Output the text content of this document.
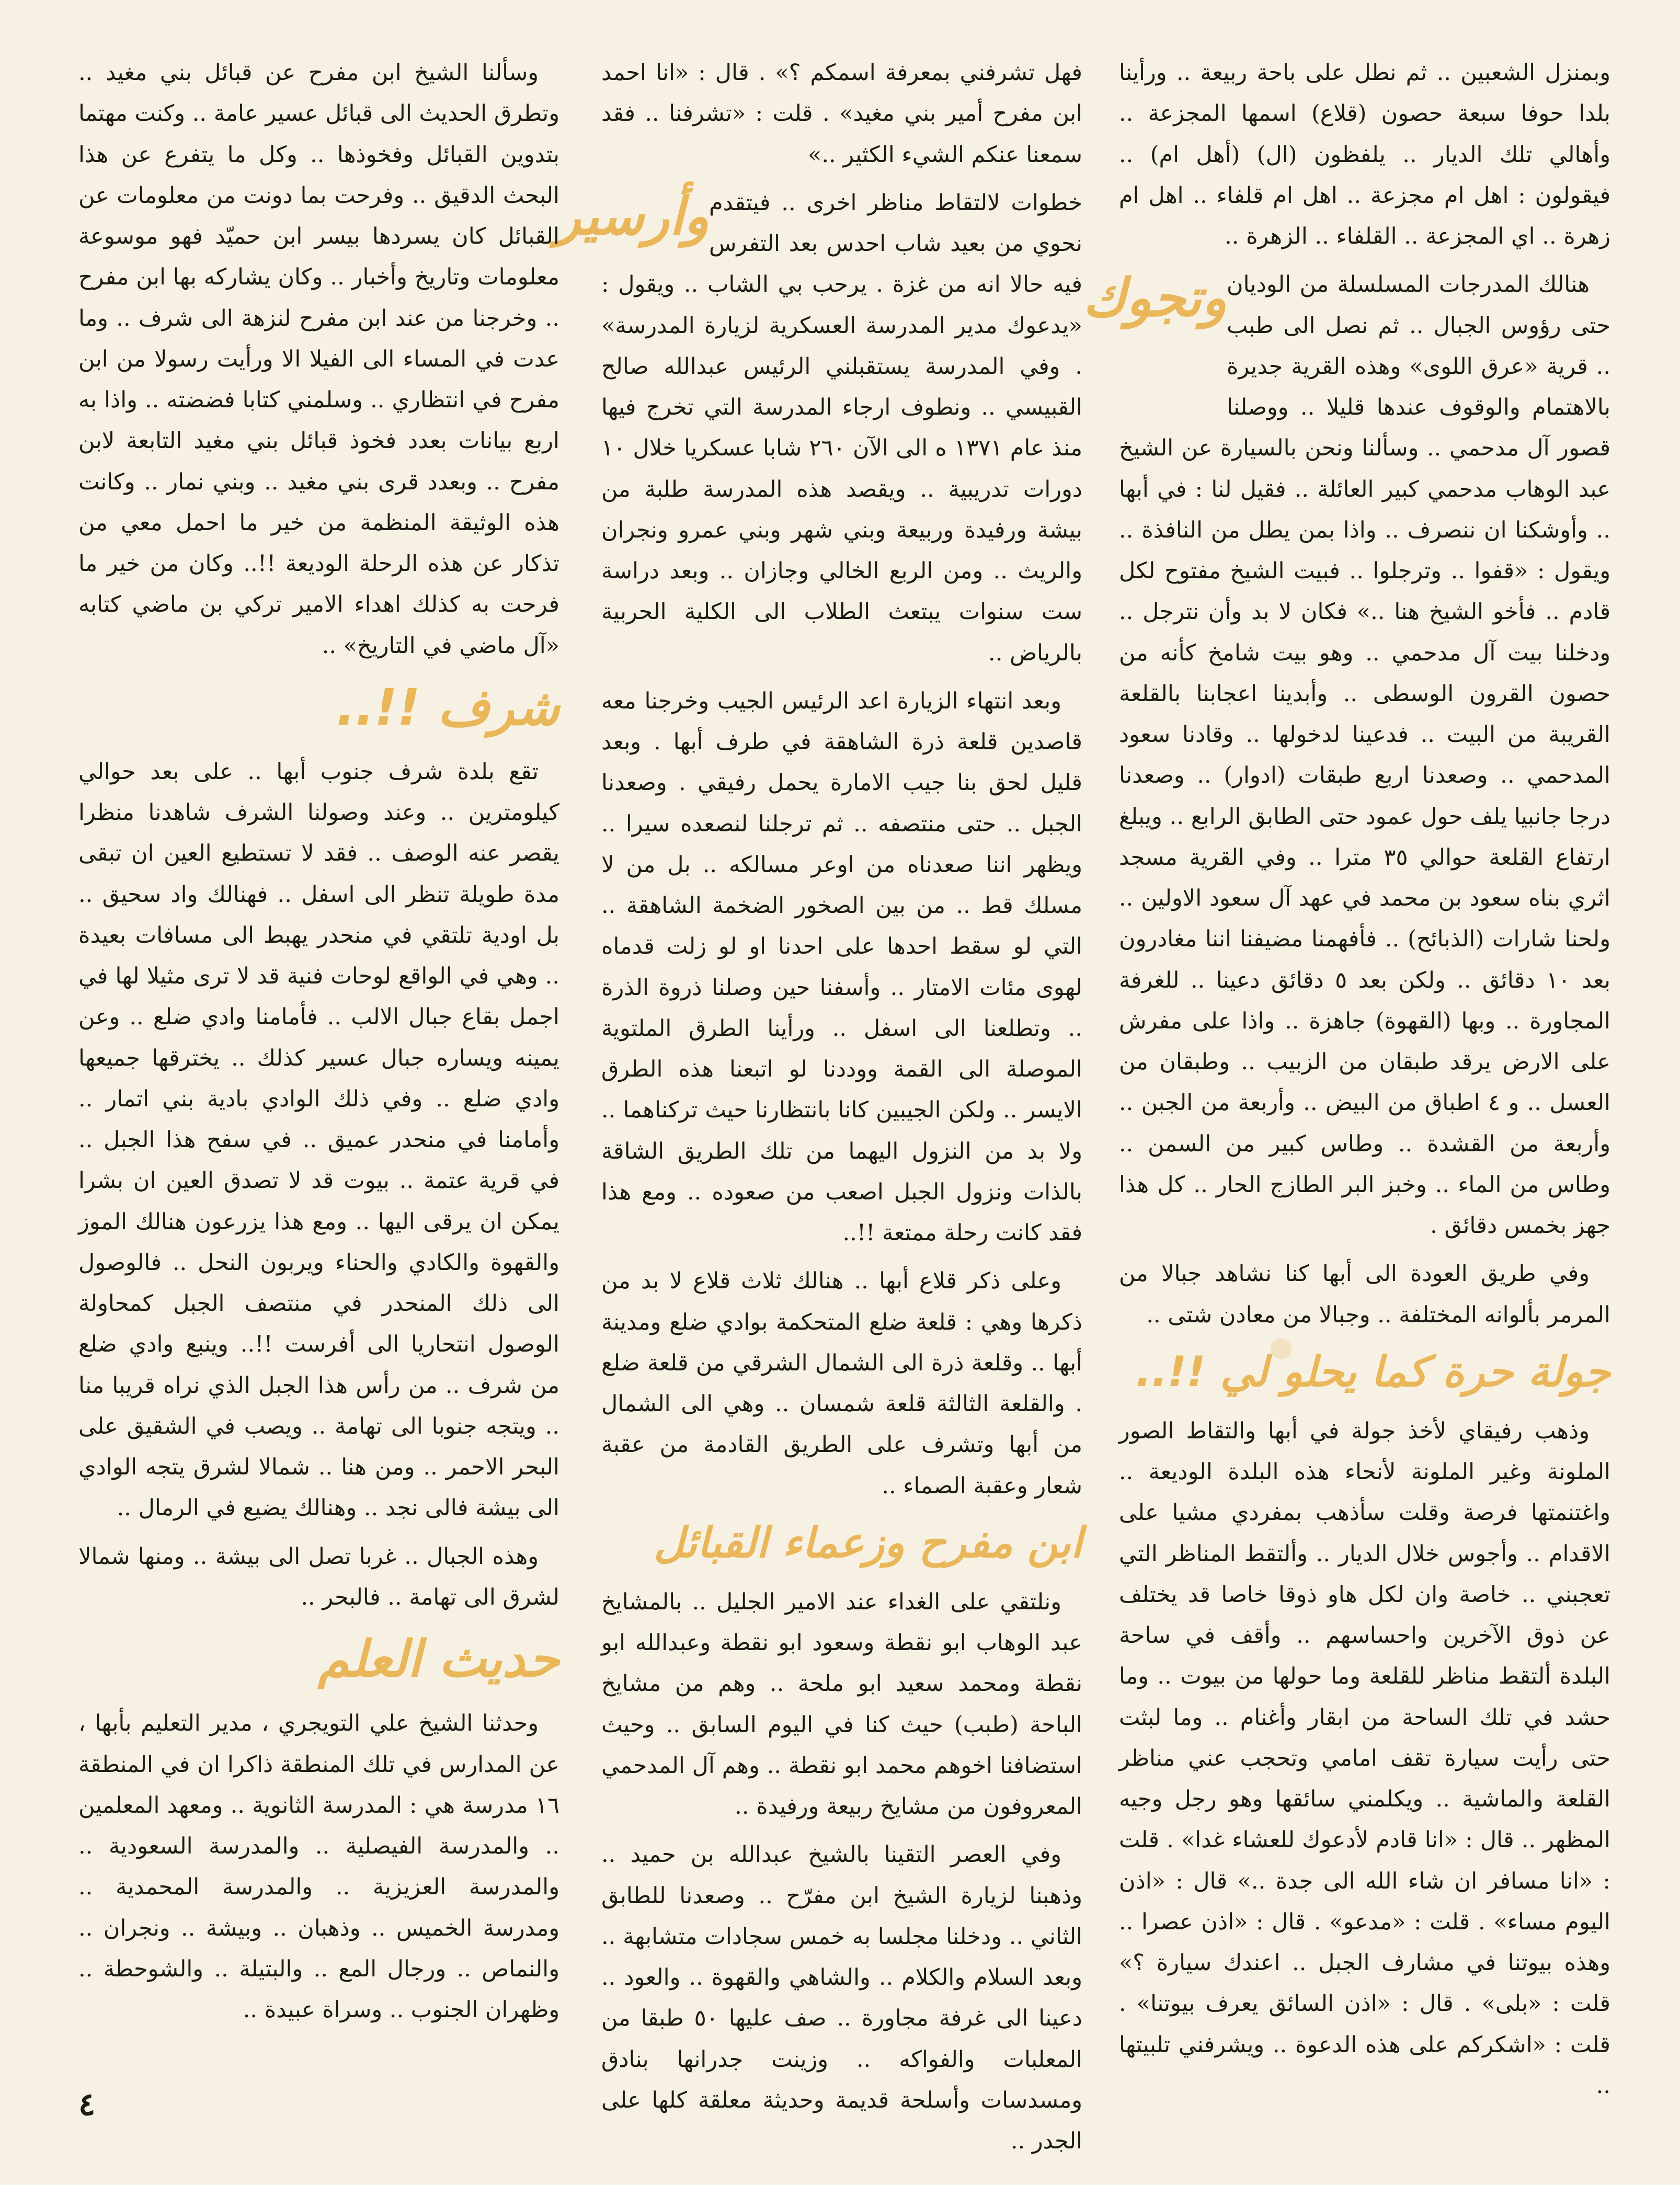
وبمنزل الشعبين .. ثم نطل على باحة ربيعة .. ورأينا بلدا حوفا سبعة حصون (قلاع) اسمها المجزعة .. وأهالي تلك الديار .. يلفظون (ال) (أهل ام) .. فيقولون : اهل ام مجزعة .. اهل ام قلفاء .. اهل ام زهرة .. اي المجزعة .. القلفاء .. الزهرة ..

وتجوك هنالك المدرجات المسلسلة من الوديان حتى رؤوس الجبال .. ثم نصل الى طبب .. قرية «عرق اللوى» وهذه القرية جديرة بالاهتمام والوقوف عندها قليلا .. ووصلنا قصور آل مدحمي .. وسألنا ونحن بالسيارة عن الشيخ عبد الوهاب مدحمي كبير العائلة .. فقيل لنا : في أبها .. وأوشكنا ان ننصرف .. واذا بمن يطل من النافذة .. ويقول : «قفوا .. وترجلوا .. فبيت الشيخ مفتوح لكل قادم .. فأخو الشيخ هنا ..» فكان لا بد وأن نترجل .. ودخلنا بيت آل مدحمي .. وهو بيت شامخ كأنه من حصون القرون الوسطى .. وأبدينا اعجابنا بالقلعة القريبة من البيت .. فدعينا لدخولها .. وقادنا سعود المدحمي .. وصعدنا اربع طبقات (ادوار) .. وصعدنا درجا جانبيا يلف حول عمود حتى الطابق الرابع .. ويبلغ ارتفاع القلعة حوالي ٣٥ مترا .. وفي القرية مسجد اثري بناه سعود بن محمد في عهد آل سعود الاولين .. ولحنا شارات (الذبائح) .. فأفهمنا مضيفنا اننا مغادرون بعد ١٠ دقائق .. ولكن بعد ٥ دقائق دعينا .. للغرفة المجاورة .. وبها (القهوة) جاهزة .. واذا على مفرش على الارض يرقد طبقان من الزبيب .. وطبقان من العسل .. و ٤ اطباق من البيض .. وأربعة من الجبن .. وأربعة من القشدة .. وطاس كبير من السمن .. وطاس من الماء .. وخبز البر الطازج الحار .. كل هذا جهز بخمس دقائق .

وفي طريق العودة الى أبها كنا نشاهد جبالا من المرمر بألوانه المختلفة .. وجبالا من معادن شتى ..

جولة حرة كما يحلو لي !!..

وذهب رفيقاي لأخذ جولة في أبها والتقاط الصور الملونة وغير الملونة لأنحاء هذه البلدة الوديعة .. واغتنمتها فرصة وقلت سأذهب بمفردي مشيا على الاقدام .. وأجوس خلال الديار .. وألتقط المناظر التي تعجبني .. خاصة وان لكل هاو ذوقا خاصا قد يختلف عن ذوق الآخرين واحساسهم .. وأقف في ساحة البلدة ألتقط مناظر للقلعة وما حولها من بيوت .. وما حشد في تلك الساحة من ابقار وأغنام .. وما لبثت حتى رأيت سيارة تقف امامي وتحجب عني مناظر القلعة والماشية .. ويكلمني سائقها وهو رجل وجيه المظهر .. قال : «انا قادم لأدعوك للعشاء غدا» . قلت : «انا مسافر ان شاء الله الى جدة ..» قال : «اذن اليوم مساء» . قلت : «مدعو» . قال : «اذن عصرا .. وهذه بيوتنا في مشارف الجبل .. اعندك سيارة ؟» قلت : «بلى» . قال : «اذن السائق يعرف بيوتنا» . قلت : «اشكركم على هذه الدعوة .. ويشرفني تلبيتها ..

فهل تشرفني بمعرفة اسمكم ؟» . قال : «انا احمد ابن مفرح أمير بني مغيد» . قلت : «تشرفنا .. فقد سمعنا عنكم الشيء الكثير ..»

وأرسير خطوات لالتقاط مناظر اخرى .. فيتقدم نحوي من بعيد شاب احدس بعد التفرس فيه حالا انه من غزة . يرحب بي الشاب .. ويقول : «يدعوك مدير المدرسة العسكرية لزيارة المدرسة» . وفي المدرسة يستقبلني الرئيس عبدالله صالح القبيسي .. ونطوف ارجاء المدرسة التي تخرج فيها منذ عام ١٣٧١ ه الى الآن ٢٦٠ شابا عسكريا خلال ١٠ دورات تدريبية .. ويقصد هذه المدرسة طلبة من بيشة ورفيدة وربيعة وبني شهر وبني عمرو ونجران والريث .. ومن الربع الخالي وجازان .. وبعد دراسة ست سنوات يبتعث الطلاب الى الكلية الحربية بالرياض ..

وبعد انتهاء الزيارة اعد الرئيس الجيب وخرجنا معه قاصدين قلعة ذرة الشاهقة في طرف أبها . وبعد قليل لحق بنا جيب الامارة يحمل رفيقي . وصعدنا الجبل .. حتى منتصفه .. ثم ترجلنا لنصعده سيرا .. ويظهر اننا صعدناه من اوعر مسالكه .. بل من لا مسلك قط .. من بين الصخور الضخمة الشاهقة .. التي لو سقط احدها على احدنا او لو زلت قدماه لهوى مئات الامتار .. وأسفنا حين وصلنا ذروة الذرة .. وتطلعنا الى اسفل .. ورأينا الطرق الملتوية الموصلة الى القمة ووددنا لو اتبعنا هذه الطرق الايسر .. ولكن الجيبين كانا بانتظارنا حيث تركناهما .. ولا بد من النزول اليهما من تلك الطريق الشاقة بالذات ونزول الجبل اصعب من صعوده .. ومع هذا فقد كانت رحلة ممتعة !!..

وعلى ذكر قلاع أبها .. هنالك ثلاث قلاع لا بد من ذكرها وهي : قلعة ضلع المتحكمة بوادي ضلع ومدينة أبها .. وقلعة ذرة الى الشمال الشرقي من قلعة ضلع . والقلعة الثالثة قلعة شمسان .. وهي الى الشمال من أبها وتشرف على الطريق القادمة من عقبة شعار وعقبة الصماء ..

ابن مفرح وزعماء القبائل

ونلتقي على الغداء عند الامير الجليل .. بالمشايخ عبد الوهاب ابو نقطة وسعود ابو نقطة وعبدالله ابو نقطة ومحمد سعيد ابو ملحة .. وهم من مشايخ الباحة (طبب) حيث كنا في اليوم السابق .. وحيث استضافنا اخوهم محمد ابو نقطة .. وهم آل المدحمي المعروفون من مشايخ ربيعة ورفيدة ..

وفي العصر التقينا بالشيخ عبدالله بن حميد .. وذهبنا لزيارة الشيخ ابن مفرّح .. وصعدنا للطابق الثاني .. ودخلنا مجلسا به خمس سجادات متشابهة .. وبعد السلام والكلام .. والشاهي والقهوة .. والعود .. دعينا الى غرفة مجاورة .. صف عليها ٥٠ طبقا من المعلبات والفواكه .. وزينت جدرانها بنادق ومسدسات وأسلحة قديمة وحديثة معلقة كلها على الجدر ..

وسألنا الشيخ ابن مفرح عن قبائل بني مغيد .. وتطرق الحديث الى قبائل عسير عامة .. وكنت مهتما بتدوين القبائل وفخوذها .. وكل ما يتفرع عن هذا البحث الدقيق .. وفرحت بما دونت من معلومات عن القبائل كان يسردها بيسر ابن حميّد فهو موسوعة معلومات وتاريخ وأخبار .. وكان يشاركه بها ابن مفرح .. وخرجنا من عند ابن مفرح لنزهة الى شرف .. وما عدت في المساء الى الفيلا الا ورأيت رسولا من ابن مفرح في انتظاري .. وسلمني كتابا فضضته .. واذا به اربع بيانات بعدد فخوذ قبائل بني مغيد التابعة لابن مفرح .. وبعدد قرى بني مغيد .. وبني نمار .. وكانت هذه الوثيقة المنظمة من خير ما احمل معي من تذكار عن هذه الرحلة الوديعة !!.. وكان من خير ما فرحت به كذلك اهداء الامير تركي بن ماضي كتابه «آل ماضي في التاريخ» ..

شرف !!..

تقع بلدة شرف جنوب أبها .. على بعد حوالي كيلومترين .. وعند وصولنا الشرف شاهدنا منظرا يقصر عنه الوصف .. فقد لا تستطيع العين ان تبقى مدة طويلة تنظر الى اسفل .. فهنالك واد سحيق .. بل اودية تلتقي في منحدر يهبط الى مسافات بعيدة .. وهي في الواقع لوحات فنية قد لا ترى مثيلا لها في اجمل بقاع جبال الالب .. فأمامنا وادي ضلع .. وعن يمينه ويساره جبال عسير كذلك .. يخترقها جميعها وادي ضلع .. وفي ذلك الوادي بادية بني اتمار .. وأمامنا في منحدر عميق .. في سفح هذا الجبل .. في قرية عتمة .. بيوت قد لا تصدق العين ان بشرا يمكن ان يرقى اليها .. ومع هذا يزرعون هنالك الموز والقهوة والكادي والحناء ويربون النحل .. فالوصول الى ذلك المنحدر في منتصف الجبل كمحاولة الوصول انتحاريا الى أفرست !!.. وينبع وادي ضلع من شرف .. من رأس هذا الجبل الذي نراه قريبا منا .. ويتجه جنوبا الى تهامة .. ويصب في الشقيق على البحر الاحمر .. ومن هنا .. شمالا لشرق يتجه الوادي الى بيشة فالى نجد .. وهنالك يضيع في الرمال ..

وهذه الجبال .. غربا تصل الى بيشة .. ومنها شمالا لشرق الى تهامة .. فالبحر ..

حديث العلم

وحدثنا الشيخ علي التويجري ، مدير التعليم بأبها ، عن المدارس في تلك المنطقة ذاكرا ان في المنطقة ١٦ مدرسة هي : المدرسة الثانوية .. ومعهد المعلمين .. والمدرسة الفيصلية .. والمدرسة السعودية .. والمدرسة العزيزية .. والمدرسة المحمدية .. ومدرسة الخميس .. وذهبان .. وبيشة .. ونجران .. والنماص .. ورجال المع .. والبتيلة .. والشوحطة .. وظهران الجنوب .. وسراة عبيدة ..

٤
